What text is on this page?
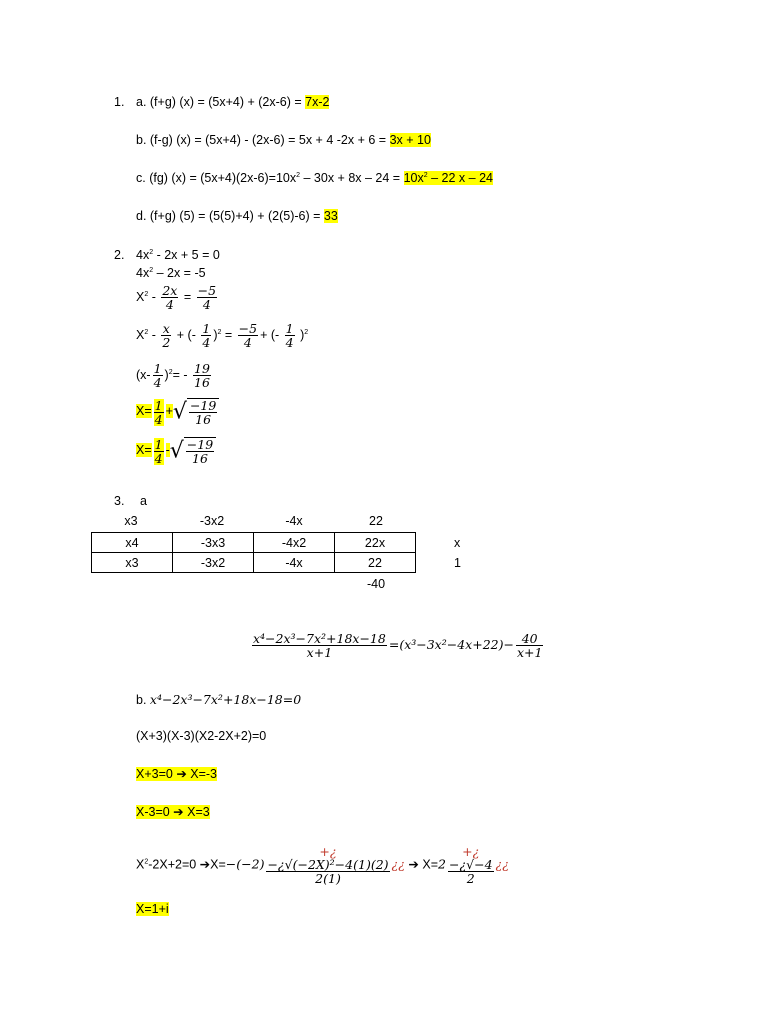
1. a. (f+g) (x) = (5x+4) + (2x-6) = 7x-2
b. (f-g) (x) = (5x+4) - (2x-6) = 5x + 4 -2x + 6 = 3x + 10
c. (fg) $(x) = (5x+4)(2x-6)=10x^2 - 30x + 8x - 24 = 10x^2 - 22$ x – 24
d. (f+g) (5) = (5(5)+4) + (2(5)-6) = 33
2. $4x^2 - 2x + 5 = 0$
$4x^2 - 2x = -5$
$X^2 - \frac{2x}{4} = \frac{-5}{4}$
$X^2 - \frac{x}{2}$ + (- $\frac{1}{4} )^2 = \frac{-5}{4}$ + (- $\frac{1}{4} )^2$
$(x- \frac{1}{4} )^2= - \frac{19}{16}$
$X= \frac{1}{4}$ +√ $\frac{-19}{16}$
$X= \frac{1}{4}$ -√ $\frac{-19}{16}$
3. a
x3	-3x2	-4x	22
x4	-3x3	-4x2	22x
x3	-3x2	-4x	22
x
1
-40
$\frac{\text{x⁴−2x³−7x²+18x−18}}{x+1} =(x^3-3x^2-4x+22)- \frac{40}{x+1}$
b. x⁴−2x³−7x²+18x−18=0
(X+3)(X-3)(X2-2X+2)=0
X+3=0 ➔ X=-3
X-3=0 ➔ X=3
$X^2-2X+2=0$ ➔X=−(−2)
+¿
−¿√(−2X)²−4(1)(2)
2(1)
¿¿ ➔ X=2
+¿
−¿√−4
2
¿¿
X=1+i
